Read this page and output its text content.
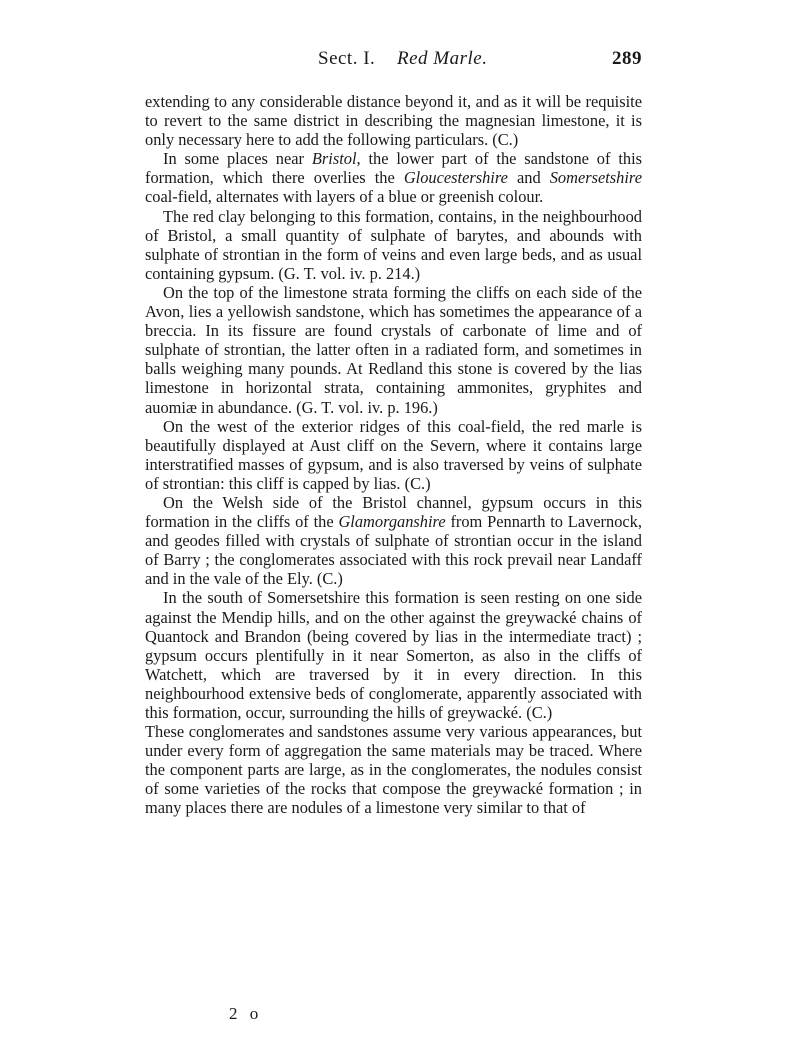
Sect. I. Red Marle.	289

extending to any considerable distance beyond it, and as it will be requisite to revert to the same district in describing the magnesian limestone, it is only necessary here to add the following particulars. (C.)

In some places near Bristol, the lower part of the sandstone of this formation, which there overlies the Gloucestershire and Somersetshire coal-field, alternates with layers of a blue or greenish colour.

The red clay belonging to this formation, contains, in the neighbourhood of Bristol, a small quantity of sulphate of barytes, and abounds with sulphate of strontian in the form of veins and even large beds, and as usual containing gypsum. (G. T. vol. iv. p. 214.)

On the top of the limestone strata forming the cliffs on each side of the Avon, lies a yellowish sandstone, which has sometimes the appearance of a breccia. In its fissure are found crystals of carbonate of lime and of sulphate of strontian, the latter often in a radiated form, and sometimes in balls weighing many pounds. At Redland this stone is covered by the lias limestone in horizontal strata, containing ammonites, gryphites and auomiæ in abundance. (G. T. vol. iv. p. 196.)

On the west of the exterior ridges of this coal-field, the red marle is beautifully displayed at Aust cliff on the Severn, where it contains large interstratified masses of gypsum, and is also traversed by veins of sulphate of strontian: this cliff is capped by lias. (C.)

On the Welsh side of the Bristol channel, gypsum occurs in this formation in the cliffs of the Glamorganshire from Pennarth to Lavernock, and geodes filled with crystals of sulphate of strontian occur in the island of Barry ; the conglomerates associated with this rock prevail near Landaff and in the vale of the Ely. (C.)

In the south of Somersetshire this formation is seen resting on one side against the Mendip hills, and on the other against the greywacké chains of Quantock and Brandon (being covered by lias in the intermediate tract) ; gypsum occurs plentifully in it near Somerton, as also in the cliffs of Watchett, which are traversed by it in every direction. In this neighbourhood extensive beds of conglomerate, apparently associated with this formation, occur, surrounding the hills of greywacké. (C.)

These conglomerates and sandstones assume very various appearances, but under every form of aggregation the same materials may be traced. Where the component parts are large, as in the conglomerates, the nodules consist of some varieties of the rocks that compose the greywacké formation ; in many places there are nodules of a limestone very similar to that of

2 o
